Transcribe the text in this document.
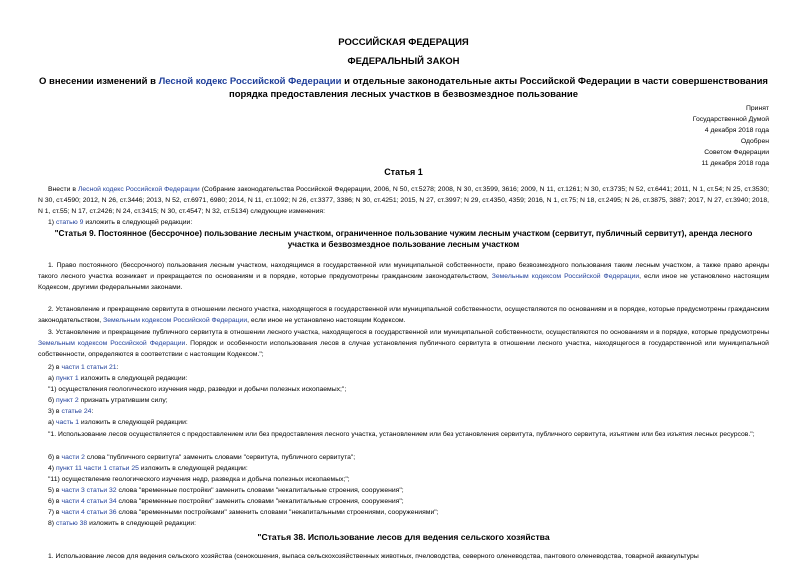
РОССИЙСКАЯ ФЕДЕРАЦИЯ
ФЕДЕРАЛЬНЫЙ ЗАКОН
О внесении изменений в Лесной кодекс Российской Федерации и отдельные законодательные акты Российской Федерации в части совершенствования порядка предоставления лесных участков в безвозмездное пользование
Принят
Государственной Думой
4 декабря 2018 года
Одобрен
Советом Федерации
11 декабря 2018 года
Статья 1
Внести в Лесной кодекс Российской Федерации (Собрание законодательства Российской Федерации, 2006, N 50, ст.5278; 2008, N 30, ст.3599, 3616; 2009, N 11, ст.1261; N 30, ст.3735; N 52, ст.6441; 2011, N 1, ст.54; N 25, ст.3530; N 30, ст.4590; 2012, N 26, ст.3446; 2013, N 52, ст.6971, 6980; 2014, N 11, ст.1092; N 26, ст.3377, 3386; N 30, ст.4251; 2015, N 27, ст.3997; N 29, ст.4350, 4359; 2016, N 1, ст.75; N 18, ст.2495; N 26, ст.3875, 3887; 2017, N 27, ст.3940; 2018, N 1, ст.55; N 17, ст.2426; N 24, ст.3415; N 30, ст.4547; N 32, ст.5134) следующие изменения:
1) статью 9 изложить в следующей редакции:
"Статья 9. Постоянное (бессрочное) пользование лесным участком, ограниченное пользование чужим лесным участком (сервитут, публичный сервитут), аренда лесного участка и безвозмездное пользование лесным участком
1. Право постоянного (бессрочного) пользования лесным участком, находящимся в государственной или муниципальной собственности, право безвозмездного пользования таким лесным участком, а также право аренды такого лесного участка возникает и прекращается по основаниям и в порядке, которые предусмотрены гражданским законодательством, Земельным кодексом Российской Федерации, если иное не установлено настоящим Кодексом, другими федеральными законами.
2. Установление и прекращение сервитута в отношении лесного участка, находящегося в государственной или муниципальной собственности, осуществляются по основаниям и в порядке, которые предусмотрены гражданским законодательством, Земельным кодексом Российской Федерации, если иное не установлено настоящим Кодексом.
3. Установление и прекращение публичного сервитута в отношении лесного участка, находящегося в государственной или муниципальной собственности, осуществляются по основаниям и в порядке, которые предусмотрены Земельным кодексом Российской Федерации. Порядок и особенности использования лесов в случае установления публичного сервитута в отношении лесного участка, находящегося в государственной или муниципальной собственности, определяются в соответствии с настоящим Кодексом.";
2) в части 1 статьи 21:
а) пункт 1 изложить в следующей редакции:
"1) осуществления геологического изучения недр, разведки и добычи полезных ископаемых;";
б) пункт 2 признать утратившим силу;
3) в статье 24:
а) часть 1 изложить в следующей редакции:
"1. Использование лесов осуществляется с предоставлением или без предоставления лесного участка, установлением или без установления сервитута, публичного сервитута, изъятием или без изъятия лесных ресурсов.";
б) в части 2 слова "публичного сервитута" заменить словами "сервитута, публичного сервитута";
4) пункт 11 части 1 статьи 25 изложить в следующей редакции:
"11) осуществление геологического изучения недр, разведка и добыча полезных ископаемых;";
5) в части 3 статьи 32 слова "временные постройки" заменить словами "некапитальные строения, сооружения";
6) в части 4 статьи 34 слова "временные постройки" заменить словами "некапитальные строения, сооружения";
7) в части 4 статьи 36 слова "временными постройками" заменить словами "некапитальными строениями, сооружениями";
8) статью 38 изложить в следующей редакции:
"Статья 38. Использование лесов для ведения сельского хозяйства
1. Использование лесов для ведения сельского хозяйства (сенокошения, выпаса сельскохозяйственных животных, пчеловодства, северного оленеводства, пантового оленеводства, товарной аквакультуры
